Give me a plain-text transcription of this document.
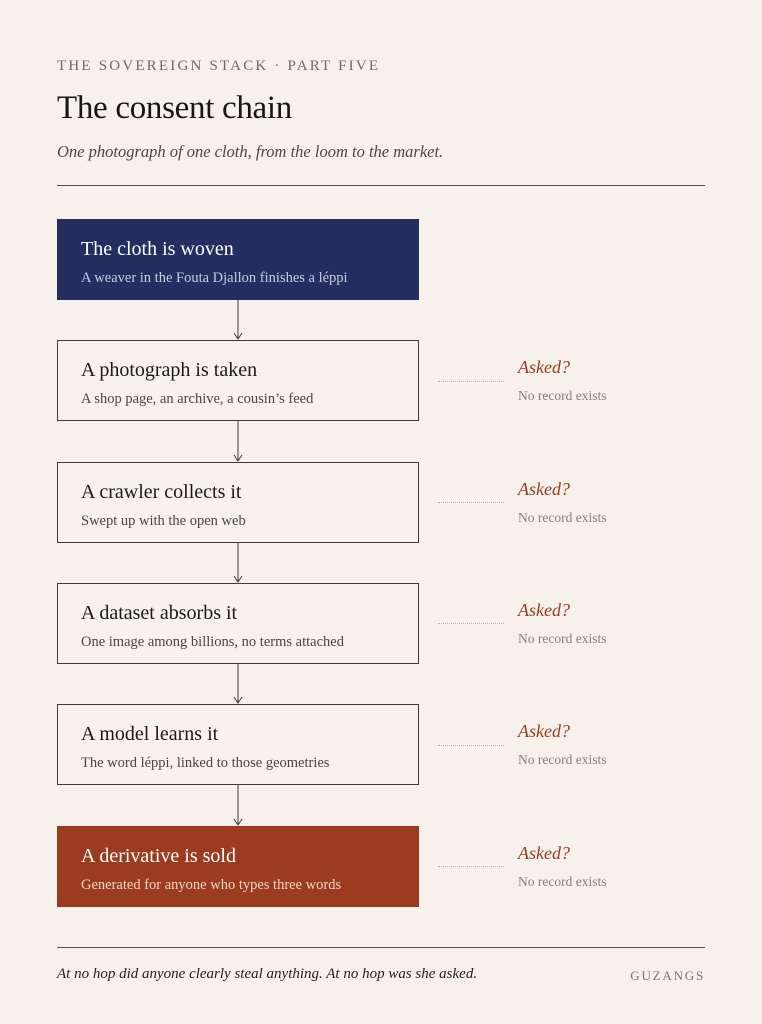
THE SOVEREIGN STACK · PART FIVE
The consent chain
One photograph of one cloth, from the loom to the market.
The cloth is woven
A weaver in the Fouta Djallon finishes a léppi
A photograph is taken
A shop page, an archive, a cousin’s feed
A crawler collects it
Swept up with the open web
A dataset absorbs it
One image among billions, no terms attached
A model learns it
The word léppi, linked to those geometries
A derivative is sold
Generated for anyone who types three words
Asked?
No record exists
Asked?
No record exists
Asked?
No record exists
Asked?
No record exists
Asked?
No record exists
At no hop did anyone clearly steal anything. At no hop was she asked.	GUZANGS
